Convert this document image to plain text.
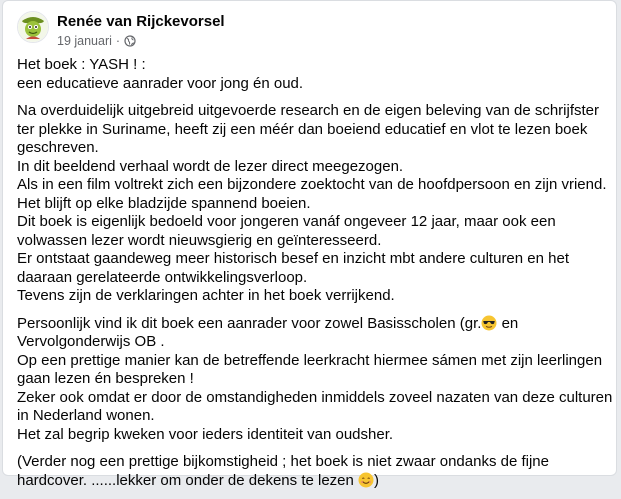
Renée van Rijckevorsel
19 januari ·
Het boek : YASH ! :
een educatieve aanrader voor jong én oud.
Na overduidelijk uitgebreid uitgevoerde research en de eigen beleving van de schrijfster
ter plekke in Suriname, heeft zij een méér dan boeiend educatief en vlot te lezen boek
geschreven.
In dit beeldend verhaal wordt de lezer direct meegezogen.
Als in een film voltrekt zich een bijzondere zoektocht van de hoofdpersoon en zijn vriend.
Het blijft op elke bladzijde spannend boeien.
Dit boek is eigenlijk bedoeld voor jongeren vanáf ongeveer 12 jaar, maar ook een
volwassen lezer wordt nieuwsgierig en geïnteresseerd.
Er ontstaat gaandeweg meer historisch besef en inzicht mbt andere culturen en het
daaraan gerelateerde ontwikkelingsverloop.
Tevens zijn de verklaringen achter in het boek verrijkend.
Persoonlijk vind ik dit boek een aanrader voor zowel Basisscholen (gr. en
Vervolgonderwijs OB .
Op een prettige manier kan de betreffende leerkracht hiermee sámen met zijn leerlingen
gaan lezen én bespreken !
Zeker ook omdat er door de omstandigheden inmiddels zoveel nazaten van deze culturen
in Nederland wonen.
Het zal begrip kweken voor ieders identiteit van oudsher.
(Verder nog een prettige bijkomstigheid ; het boek is niet zwaar ondanks de fijne
hardcover. ......lekker om onder de dekens te lezen )
